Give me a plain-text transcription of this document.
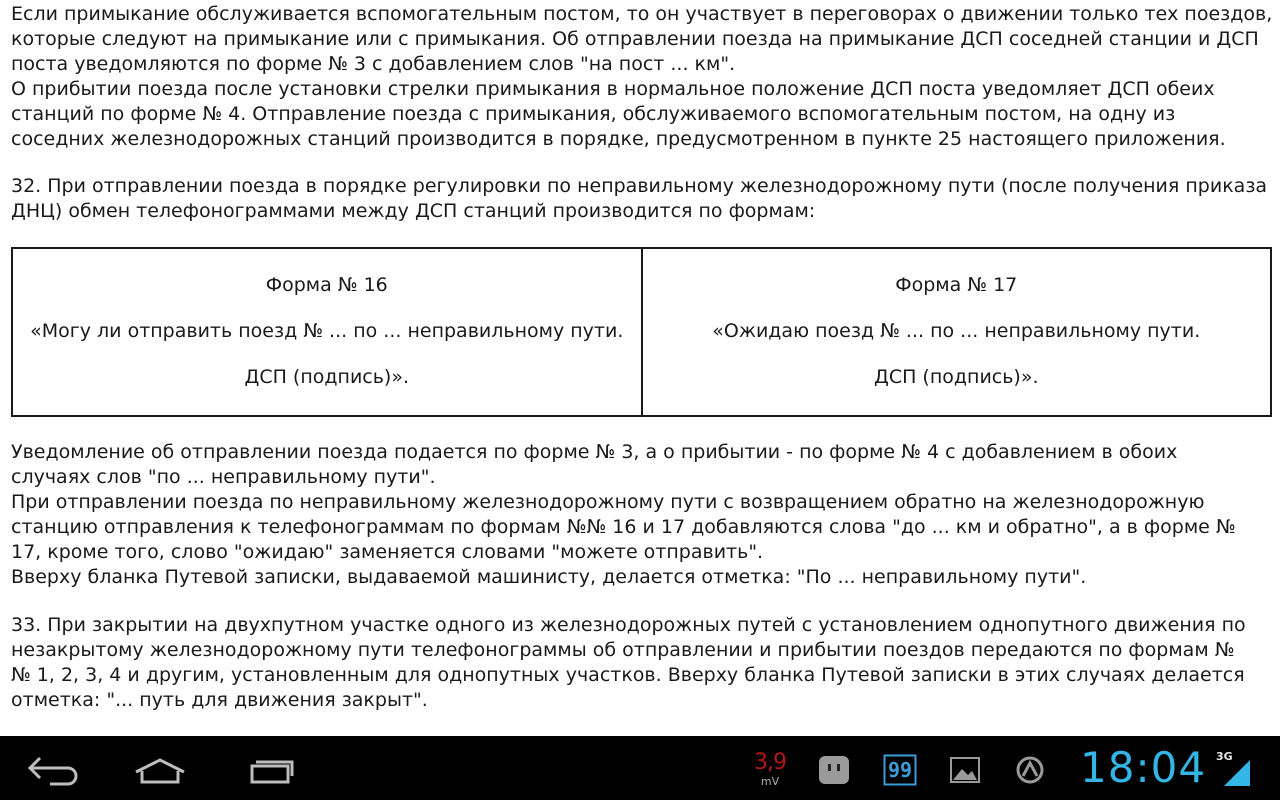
Если примыкание обслуживается вспомогательным постом, то он участвует в переговорах о движении только тех поездов,
которые следуют на примыкание или с примыкания. Об отправлении поезда на примыкание ДСП соседней станции и ДСП
поста уведомляются по форме № 3 с добавлением слов "на пост ... км".
О прибытии поезда после установки стрелки примыкания в нормальное положение ДСП поста уведомляет ДСП обеих
станций по форме № 4. Отправление поезда с примыкания, обслуживаемого вспомогательным постом, на одну из
соседних железнодорожных станций производится в порядке, предусмотренном в пункте 25 настоящего приложения.

32. При отправлении поезда в порядке регулировки по неправильному железнодорожному пути (после получения приказа
ДНЦ) обмен телефонограммами между ДСП станций производится по формам:

Форма № 16
«Могу ли отправить поезд № ... по ... неправильному пути.
ДСП (подпись)».
Форма № 17
«Ожидаю поезд № ... по ... неправильному пути.
ДСП (подпись)».

Уведомление об отправлении поезда подается по форме № 3, а о прибытии - по форме № 4 с добавлением в обоих
случаях слов "по ... неправильному пути".
При отправлении поезда по неправильному железнодорожному пути с возвращением обратно на железнодорожную
станцию отправления к телефонограммам по формам №№ 16 и 17 добавляются слова "до ... км и обратно", а в форме №
17, кроме того, слово "ожидаю" заменяется словами "можете отправить".
Вверху бланка Путевой записки, выдаваемой машинисту, делается отметка: "По ... неправильному пути".

33. При закрытии на двухпутном участке одного из железнодорожных путей с установлением однопутного движения по
незакрытому железнодорожному пути телефонограммы об отправлении и прибытии поездов передаются по формам №
№ 1, 2, 3, 4 и другим, установленным для однопутных участков. Вверху бланка Путевой записки в этих случаях делается
отметка: "... путь для движения закрыт".

3,9
mV	99	18:04 3G
